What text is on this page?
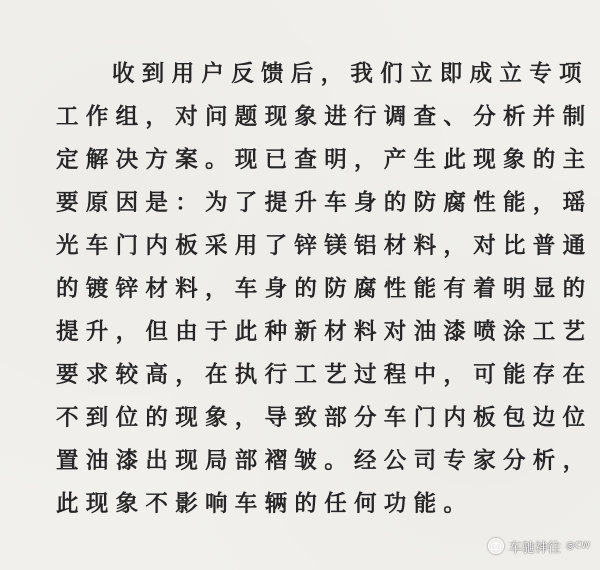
收到用户反馈后，我们立即成立专项
工作组，对问题现象进行调查、分析并制
定解决方案。现已查明，产生此现象的主
要原因是：为了提升车身的防腐性能，瑶
光车门内板采用了锌镁铝材料，对比普通
的镀锌材料，车身的防腐性能有着明显的
提升，但由于此种新材料对油漆喷涂工艺
要求较高，在执行工艺过程中，可能存在
不到位的现象，导致部分车门内板包边位
置油漆出现局部褶皱。经公司专家分析，
此现象不影响车辆的任何功能。
车驰神往 @CW
